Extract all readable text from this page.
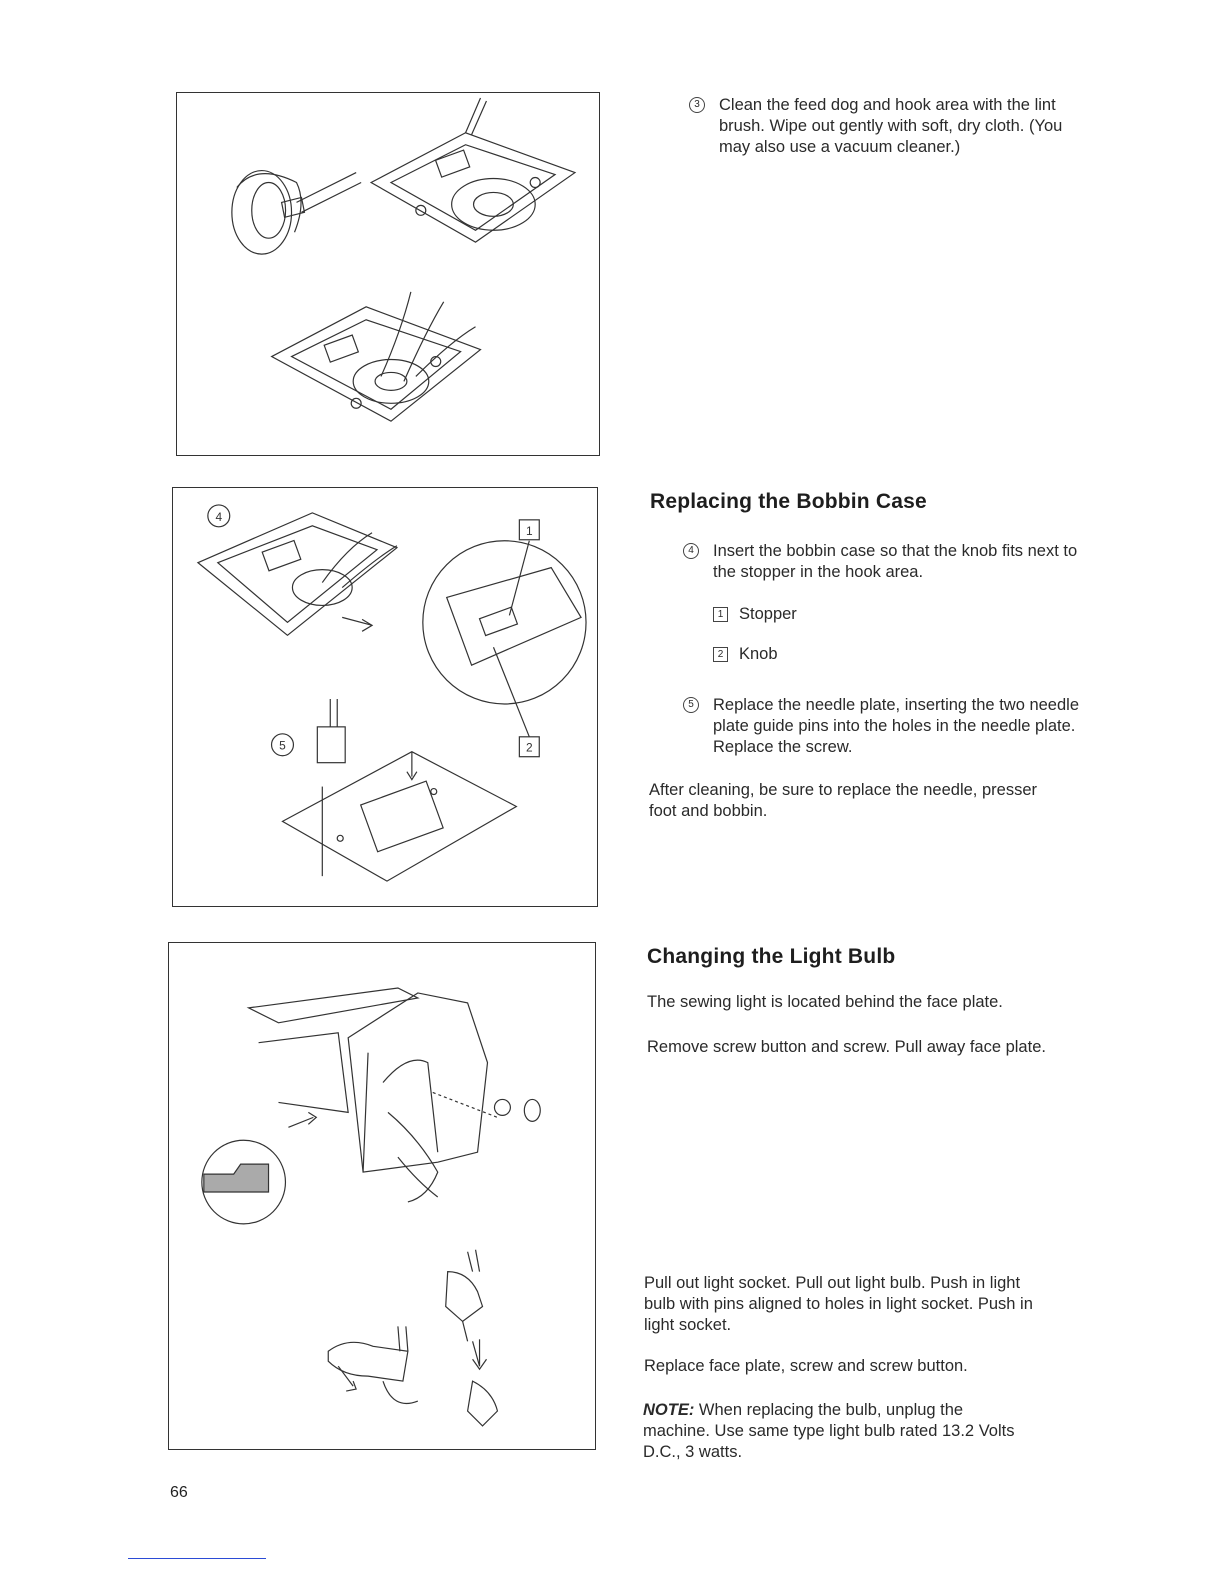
4
5
1
2
3	Clean the feed dog and hook area with the lint brush. Wipe out gently with soft, dry cloth. (You may also use a vacuum cleaner.)
Replacing the Bobbin Case
4	Insert the bobbin case so that the knob fits next to the stopper in the hook area.
1 Stopper
2 Knob
5	Replace the needle plate, inserting the two needle plate guide pins into the holes in the needle plate. Replace the screw.
After cleaning, be sure to replace the needle, presser foot and bobbin.
Changing the Light Bulb
The sewing light is located behind the face plate.
Remove screw button and screw. Pull away face plate.
Pull out light socket. Pull out light bulb. Push in light bulb with pins aligned to holes in light socket. Push in light socket.
Replace face plate, screw and screw button.
NOTE: When replacing the bulb, unplug the machine. Use same type light bulb rated 13.2 Volts D.C., 3 watts.
66
